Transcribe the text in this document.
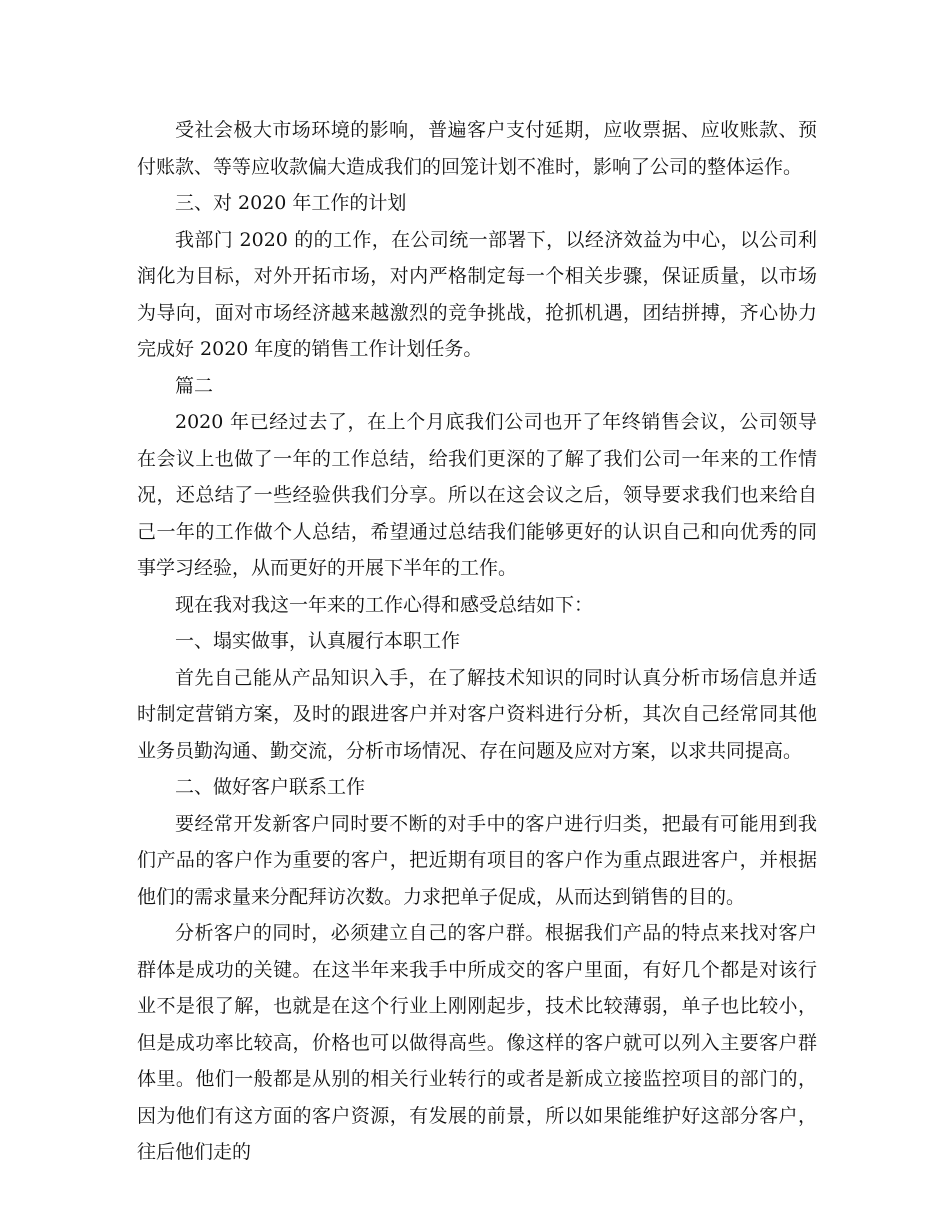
受社会极大市场环境的影响，普遍客户支付延期，应收票据、应收账款、预付账款、等等应收款偏大造成我们的回笼计划不准时，影响了公司的整体运作。

三、对 2020 年工作的计划

我部门 2020 的的工作，在公司统一部署下，以经济效益为中心，以公司利润化为目标，对外开拓市场，对内严格制定每一个相关步骤，保证质量，以市场为导向，面对市场经济越来越激烈的竞争挑战，抢抓机遇，团结拼搏，齐心协力完成好 2020 年度的销售工作计划任务。

篇二

2020 年已经过去了，在上个月底我们公司也开了年终销售会议，公司领导在会议上也做了一年的工作总结，给我们更深的了解了我们公司一年来的工作情况，还总结了一些经验供我们分享。所以在这会议之后，领导要求我们也来给自己一年的工作做个人总结，希望通过总结我们能够更好的认识自己和向优秀的同事学习经验，从而更好的开展下半年的工作。

现在我对我这一年来的工作心得和感受总结如下：

一、塌实做事，认真履行本职工作

首先自己能从产品知识入手，在了解技术知识的同时认真分析市场信息并适时制定营销方案，及时的跟进客户并对客户资料进行分析，其次自己经常同其他业务员勤沟通、勤交流，分析市场情况、存在问题及应对方案，以求共同提高。

二、做好客户联系工作

要经常开发新客户同时要不断的对手中的客户进行归类，把最有可能用到我们产品的客户作为重要的客户，把近期有项目的客户作为重点跟进客户，并根据他们的需求量来分配拜访次数。力求把单子促成，从而达到销售的目的。

分析客户的同时，必须建立自己的客户群。根据我们产品的特点来找对客户群体是成功的关键。在这半年来我手中所成交的客户里面，有好几个都是对该行业不是很了解，也就是在这个行业上刚刚起步，技术比较薄弱，单子也比较小，但是成功率比较高，价格也可以做得高些。像这样的客户就可以列入主要客户群体里。他们一般都是从别的相关行业转行的或者是新成立接监控项目的部门的，因为他们有这方面的客户资源，有发展的前景，所以如果能维护好这部分客户，往后他们走的
